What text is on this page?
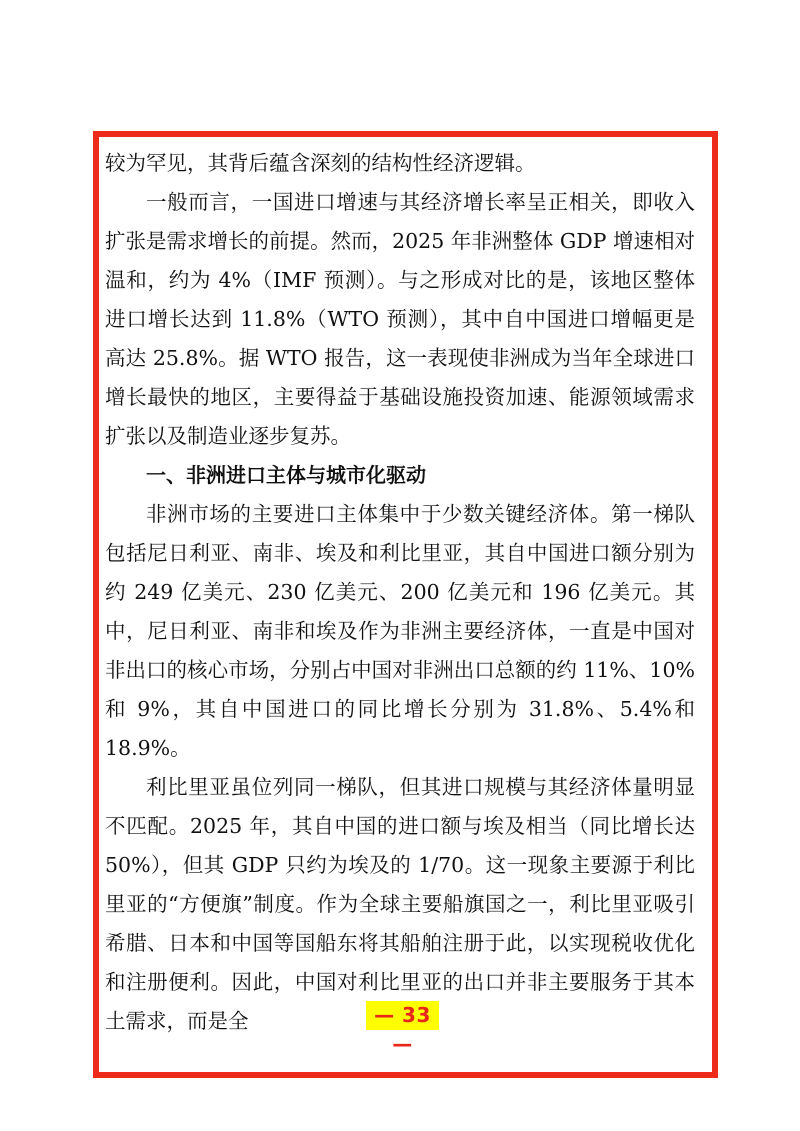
较为罕见，其背后蕴含深刻的结构性经济逻辑。

一般而言，一国进口增速与其经济增长率呈正相关，即收入扩张是需求增长的前提。然而，2025 年非洲整体 GDP 增速相对温和，约为 4%（IMF 预测）。与之形成对比的是，该地区整体进口增长达到 11.8%（WTO 预测），其中自中国进口增幅更是高达 25.8%。据 WTO 报告，这一表现使非洲成为当年全球进口增长最快的地区，主要得益于基础设施投资加速、能源领域需求扩张以及制造业逐步复苏。

一、非洲进口主体与城市化驱动

非洲市场的主要进口主体集中于少数关键经济体。第一梯队包括尼日利亚、南非、埃及和利比里亚，其自中国进口额分别为约 249 亿美元、230 亿美元、200 亿美元和 196 亿美元。其中，尼日利亚、南非和埃及作为非洲主要经济体，一直是中国对非出口的核心市场，分别占中国对非洲出口总额的约 11%、10%和 9%，其自中国进口的同比增长分别为 31.8%、5.4%和 18.9%。

利比里亚虽位列同一梯队，但其进口规模与其经济体量明显不匹配。2025 年，其自中国的进口额与埃及相当（同比增长达 50%），但其 GDP 只约为埃及的 1/70。这一现象主要源于利比里亚的“方便旗”制度。作为全球主要船旗国之一，利比里亚吸引希腊、日本和中国等国船东将其船舶注册于此，以实现税收优化和注册便利。因此，中国对利比里亚的出口并非主要服务于其本土需求，而是全	— 33 —
